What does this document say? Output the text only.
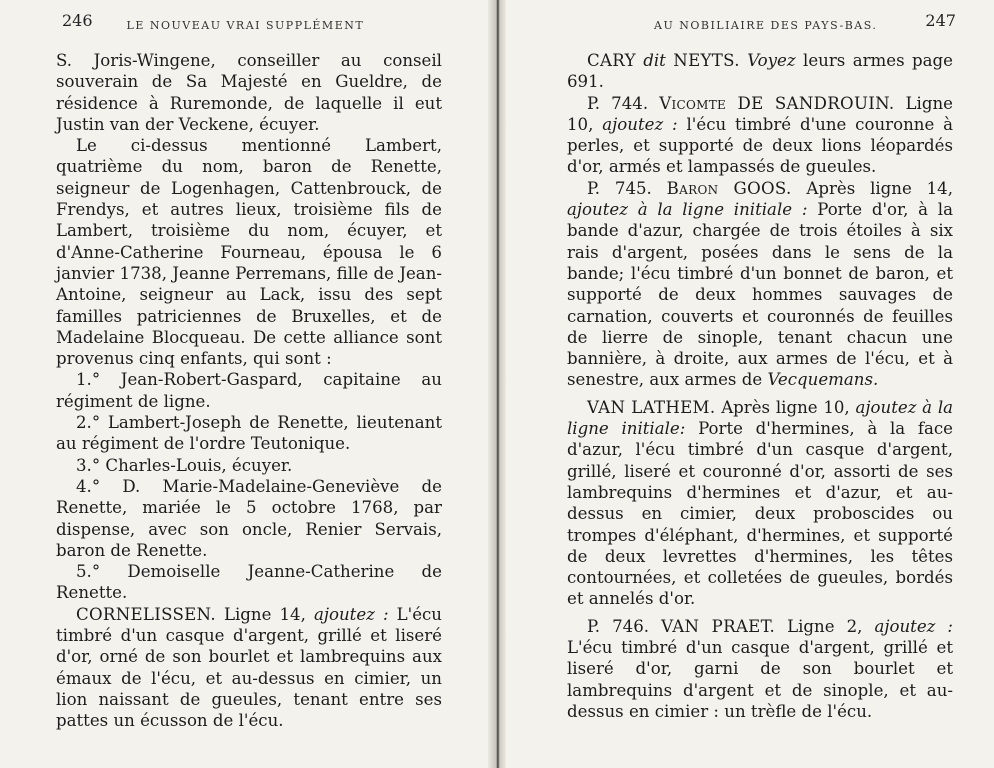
246	LE NOUVEAU VRAI SUPPLÉMENT

S. Joris-Wingene, conseiller au conseil souverain de Sa Majesté en Gueldre, de résidence à Ruremonde, de laquelle il eut Justin van der Veckene, écuyer.

Le ci-dessus mentionné Lambert, quatrième du nom, baron de Renette, seigneur de Logenhagen, Cattenbrouck, de Frendys, et autres lieux, troisième fils de Lambert, troisième du nom, écuyer, et d'Anne-Catherine Fourneau, épousa le 6 janvier 1738, Jeanne Perremans, fille de Jean-Antoine, seigneur au Lack, issu des sept familles patriciennes de Bruxelles, et de Madelaine Blocqueau. De cette alliance sont provenus cinq enfants, qui sont :

1.° Jean-Robert-Gaspard, capitaine au régiment de ligne.

2.° Lambert-Joseph de Renette, lieutenant au régiment de l'ordre Teutonique.

3.° Charles-Louis, écuyer.

4.° D. Marie-Madelaine-Geneviève de Renette, mariée le 5 octobre 1768, par dispense, avec son oncle, Renier Servais, baron de Renette.

5.° Demoiselle Jeanne-Catherine de Renette.

CORNELISSEN. Ligne 14, ajoutez : L'écu timbré d'un casque d'argent, grillé et liseré d'or, orné de son bourlet et lambrequins aux émaux de l'écu, et au-dessus en cimier, un lion naissant de gueules, tenant entre ses pattes un écusson de l'écu.

AU NOBILIAIRE DES PAYS-BAS.	247

CARY dit NEYTS. Voyez leurs armes page 691.

P. 744. Vicomte DE SANDROUIN. Ligne 10, ajoutez : l'écu timbré d'une couronne à perles, et supporté de deux lions léopardés d'or, armés et lampassés de gueules.

P. 745. Baron GOOS. Après ligne 14, ajoutez à la ligne initiale : Porte d'or, à la bande d'azur, chargée de trois étoiles à six rais d'argent, posées dans le sens de la bande; l'écu timbré d'un bonnet de baron, et supporté de deux hommes sauvages de carnation, couverts et couronnés de feuilles de lierre de sinople, tenant chacun une bannière, à droite, aux armes de l'écu, et à senestre, aux armes de Vecquemans.

VAN LATHEM. Après ligne 10, ajoutez à la ligne initiale: Porte d'hermines, à la face d'azur, l'écu timbré d'un casque d'argent, grillé, liseré et couronné d'or, assorti de ses lambrequins d'hermines et d'azur, et au-dessus en cimier, deux proboscides ou trompes d'éléphant, d'hermines, et supporté de deux levrettes d'hermines, les têtes contournées, et colletées de gueules, bordés et annelés d'or.

P. 746. VAN PRAET. Ligne 2, ajoutez : L'écu timbré d'un casque d'argent, grillé et liseré d'or, garni de son bourlet et lambrequins d'argent et de sinople, et au-dessus en cimier : un trèfle de l'écu.
